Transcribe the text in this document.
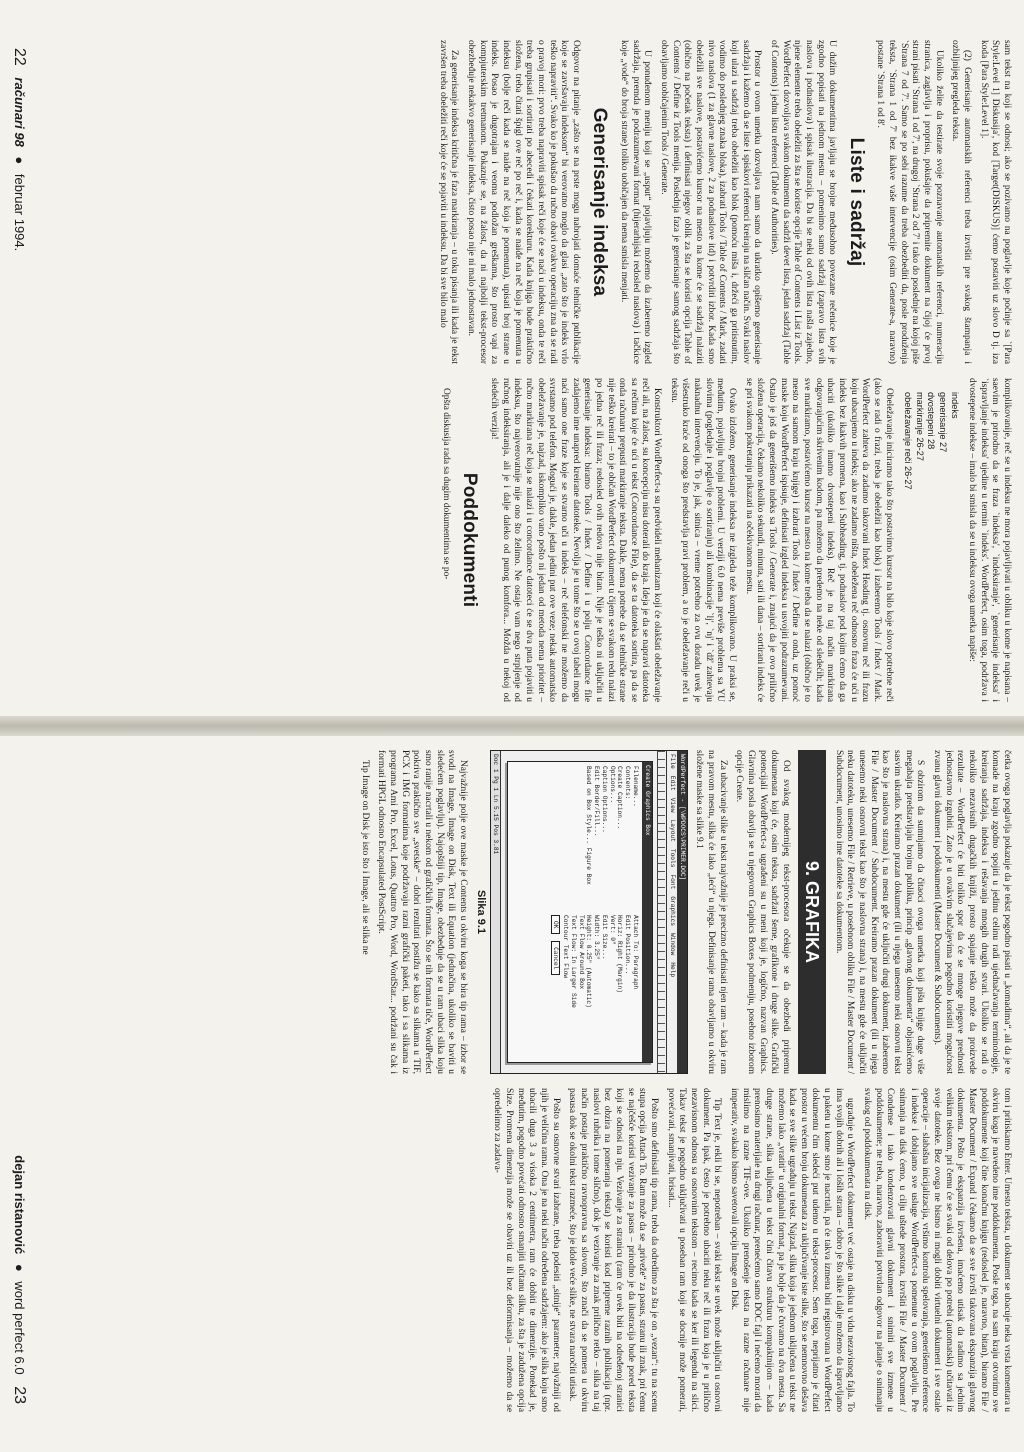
sam tekst na koji se odnosi; ako se pozivamo na poglavlje koje počinje sa `[Para Style:Level 1] Diskusija', kod [Target(DISKUS)] ćemo postaviti uz slovo D tj. iza koda [Para Style:Level 1].

(2) Generisanje automatskih referenci treba izvršiti pre svakog štampanja i ozbiljnijeg pregleda teksta.

Ukoliko želite da testirate svoje poznavanje automatskih referenci, numeraciju stranica, zaglavlja i proprisu, pokušajte da pripremite dokument na čijoj će prvoj strani pisati `Strana 1 od 7', na drugoj `Strana 2 od 7' i tako do poslednje na kojoj piše `Strana 7 od 7'. Samo se po sebi razume da treba obezbediti da, posle produženja teksta, `Strana 1 od 7' bez ikakve vaše intervencije (osim Generate-a, naravno) postane `Strana 1 od 8'.

Liste i sadržaj

U dužim dokumentima javljaju se brojne međusobno povezane rečenice koje je zgodno popisati na jednom mestu – pomenimo samo sadržaj (zapravo lista svih naslova i podnaslova) i spisak ilustracija. Da bi se neki od ovih lista našla zajedno, njene elemente treba obeležiti za šta se koriste opcije Table of Contents i List iz Tools. WordPerfect dozvoljava svakom dokumentu da sadrži devet lista, jedan sadržaj (Table of Contents) i jednu listu referenci (Table of Authorities).

Prostor u ovom umetku dozvoljava nam samo da ukratko opišemo generisanje sadržaja i kažemo da se liste i spiskovi referenci kreiraju na sličan način. Svaki naslov koji ulazi u sadržaj treba obeležiti kao blok (pomoću miša i, držeći ga pritisnutim, vodimo do poslednjeg znaka bloka), izabrati Tools / Table of Contents / Mark, zadati nivo naslova (1 za glavne naslove, 2 za podnaslove itd) i potvrditi izbor. Kada smo obeležili sve naslove, postavićemo kursor na mesto na kome će se sadržaj nalaziti (obično na početak teksta) i definisati njegov oblik za šta se koristi opcija Table of Contents / Define iz Tools menija. Poslednja faza je generisanje samog sadržaja što obavljamo uobičajenim Tools / Generate.

U ponuđenom meniju koji se „usput“ pojavljuju možemo da izaberemo izgled sadržaja, premda je podrazumevani format (hijerarhijski redosled naslova) i tačkice koje „vode“ do broja strane) toliko uobičajen da nema smisla menjati.

Generisanje indeksa

Odgovor na pitanje „zašto se na prste mogu nabrojati domaće tehničke publikacije koje se završavaju indeksom“ bi verovatno moglo da glasi „zato što je indeks vrlo teško napraviti“. Svako ko je pokušao da ručno obavi ovakvu operaciju zna da se radi o pravoj mori: prvo treba napraviti spisak reči koje će se naći u indeksu, onda te reči treba grupisati i sortirati po abecedi i čekati korekturu. Kada knjiga bude praktično složena, treba čitati špigl ove reč po reč i, kada se naiđe na reč koja je pomenuta u indeksu (bolje reči kada se naiđe na reč koja je pomenuta), upisati broj strane u indeks. Posao je dugotrajan i veoma podložan greškama, što prosto vapi za kompjuterskim tretmanom. Pokazuje se, na žalost, da ni najbolji tekst-procesor obezbeđuje nekakvo generisanje indeksa, čisto posao nije ni malo jednostavan.

Za generisanje indeksa kritična je faza markiranja – u toku pisanja ili kada je tekst završen treba obeležiti reči koje će se pojaviti u indeksu. Da bi sve bilo malo

komplikovanije, reč se u indeksu ne mora pojavljivati u obliku u kome je napisana – saevim je prirodno da se fraza `indeksa', `indeksiranje', `generisanje indeksa' i `ispravljanje indeksa' ujedine u termin `indeks'. WordPerfect, osim toga, podržava i dvostepene indekse – imalo bi smisla da se u indeksu ovoga umetka napiše:

indeks
generisanje 27
dvostepeni 28
markiranje 26-27
obeležavanje reči 26-27

Obeležavanje iniciramo tako što postavimo kursor na bilo koje slovo potrebne reči (ako se radi o frazi, treba je obeležiti kao blok) i izaberemo Tools / Index / Mark. WordPerfect zahteva da zadamo takozvani Index Heading tj. osnovnu reč ili frazu koju ubacujemo u indeks; ako ne zadamo ništa, obeležena reč odnosno fraza će ući u indeks bez ikakvih promena, kao i Subheading, tj. podnaslov pod kojim ćemo da ga ubaciti (ukoliko imamo dvostepeni indeks). Reč je na taj način markirana odgovarajućim skrivenim kodom, pa možemo da predemo na neke od sledećih; kada sve markiramo, postavićemo kursor na mesto na kome treba da se nalazi (obično je to mesto na samom kraju knjige) i izabrati Tools / Index / Define a onda, uz pomoć maske koju WordPerfect ispisuje, definisati izgled indeksa u usvojiti podrazumevani. Ostalo je još da generišemo indeks sa Tools / Generate i, znajući da je ovo prilično složena operacija, čekamo nekoliko sekundi, minuta, sati ili dana – sortirani indeks će se pri svakom pokretanju prikazati na očekivanom mestu.

Ovako izloženo, generisanje indeksa ne izgleda teže komplikovano. U praksi se, međutim, pojavljuju brojni problemi. U verziji 6.0 nema previše problema sa YU slovima (pogledajte i poglavlje o sortiranju) ali kombinacije `lj', `nj' i `dž' zahtevaju naknadnu intervenciju. To je, jak, sitnica – vreme potrebno za ovu doradu uvek je višestruko kraće od onoga što predstavlja pravi problem, a to je obeležavanje reči u tekstu.

Konstruktori WordPerfect-a su predvideli mehanizam koji će olakšati obeležavanje reči ali, na žalost, su koncepciju nisu doterali do kraja. Ideja je da se napravi datoteka sa rečima koje će ući u tekst (Concordance File), da se ta datoteka sortira, pa da se onda računaru prepusti markiranje teksta. Dakle, nema potrebe da se tehničke strane nije teško kreirati – to je običan WordPerfect dokument u čijem se svakom redu nalazi po jedna reč ili fraza; redosled ovih redova nije bitan. Nije je teško ni uključiti u generisanje indeksa: biramo Tools / Index / Define i u polju Concordance file zadajemo ime unapred kreirane datoteke. Nevolja je u tome što se u ovoj tabeli mogu naći samo one fraze koje se stvarno uči u indeks – reč telefonski ne možemo da svrstamo pod telefon. Mogući je, dakle, jedan jedini put ove veze; nekak automatsko obeležavanje je, najzad, iskompliko vano pošto ni jedan od metoda nema prioritet – ručno markirana reč koja se nalazi i u concordance datoteci će se dva puta pojaviti u indeksu, što najverovatnije nije ono što želimo. Ne ostaje vam nego strpljenje od ručnog indeksiranja, ali je i dalje daleko od punog komfora... Možda u nekoj od sledećih verzija!

Poddokumenti

Opšta diskusija rada sa dugim dokumentima se po-

22 računari 98 ● februar 1994.

četka ovoga poglavlja pokazuje da je tekst pogodno pisati u „komadima“, ali da je te komade na kraju zgodno spojiti u jedinu celinu radi ujednačavanja terminologije, kreiranja sadržaja, indeksa i rešavanja mnogih drugih stvari. Ukoliko se radi o nekoliko nezavisnih dugačkih knjiži, prosto spajanje teško može da proizvede rezultate – WordPerfect će biti toliko spor da će se mnoge njegove prednosti jednostavno izgubiti. Zato je u ovakvim slučajevima pogodno koristiti mogućnost zvanu glavni dokument i poddokumenti (Master Document & Subdocuments).

S obzirom da sumnjamo da čitaoci ovoga umetka koji pišu knjige duge više megabajta predstavljaju brojnu publiku, princip „glavnog dokumenta“ objasnićemo sasvim ukratko. Kreiramo prazan dokument (ili u njega unesemo neki osnovni tekst kao što je naslovna strana) i, na mestu gde će uključiti drugi dokument, izaberemo File / Master Document / Subdocument. Kreiramo prazan dokument (ili u njega unesemo neki osnovni tekst kao što je naslovna strana) i, na mestu gde će uključiti neku datoteku, unesemo File / Retrieve, u posebnom obliku File / Master Document / Subdocument, unosimo ime datoteke sa dokumentom.

9. GRAFIKA

Od svakog modernijeg tekst-procesora očekuje se da obezbedi pripremu dokumenata koji će, osim teksta, sadržati šeme, grafikone i druge slike. Grafički potencijali WordPerfect-a ugrađeni su u meni koji je, logično, nazvan Graphics. Glavnina posla obavlja se u njegovom Graphics Boxes podmeniju, posebno izborom opcije Create.

Za ubacivanje slike u tekst najvažnije je precizno definisati njen ram – kada je ram na pravom mestu, slika će lako „leći“ u njega. Definisanje rama obavljamo u okviru složene maske sa slike 9.1

WordPerfect - [\WPDOCS\PRIMER.DOC]
File
Edit
View
Layout
Tools
Font
Graphics
Window
Help
Create Graphics Box
Filename...
Contents:
Create Caption...
Options...
Caption Options...
Edit Border/Fill...
Based on Box Style... Figure Box
Attach To: Paragraph
Edit Position...
Horiz: Right (Margin)
Vert: 0"
Edit Size...
Width: 3.25"
Height: 0.25" (Automatic)
Text Flow Around Box
Text Flow: In Larger Side
Contour Text Flow
OK Cancel
Doc 1 Pg 1 Ln 5.15 Pos 3.81
Slika 9.1

Najvažnije polje ove maske je Contents u okviru koga se bira tip rama – izbor se svodi na Image, Image on Disk, Text ili Equation (jednačina, ukoliko se baviti u sledećem poglavlju). Najopštiji tip, Image, obezbeđuje da se u ram ubaci slika koju smo ranije nacrtali u nekom od grafičkih formata. Što se tih formata tiče, WordPerfect pokriva praktično sve „svetske“ – dobri rezultati postižu se kako sa slikama u TIF, PCX i IMG formatima koje podržavaju razni grafički paketi, tako i sa slikama iz programa Ami Pro, Excel, Lotus, Quattro Pro, Word, WordStar... podržani su čak i formati HPGL odnosno Encapsulated PostScript.

Tip Image on Disk je isto što i Image, ali se slika ne

tom i pritiskamo Enter. Umesto teksta, u dokument se ubacuje neka vrsta komentara u okviru koga je navedeno ime poddokumenta. Posle toga, na sam kraju otvorimo sve poddokumente koji čine konačnu knjigu (redosled je, naravno, bitan), biramo File / Master Document / Expand i čekamo da se sve izvrši takozvana ekspanzija glavnog dokumenta. Pošto je ekspanzija izvršena, imaćemo utisak da radimo sa jednim velikim tekstom, pri čemu će se svaki od delova po potrebi (automatski) učitavati iz svoje datoteke. Bez ovoga ne bismo ni mogli dobiti virtuelni dokument i sve ostale operacije – slabašna inicijalizacija, vršimo kontrolu spelovanja, generišemo reference i indekse i dobijamo sve usluge WordPerfect-a pomenute u ovom poglavlju. Pre snimanja na disk ćemo, u cilju uštede prostora, izvršiti File / Master Document / Condense i tako kondenzovati glavni dokument i snimiti sve izmene u poddokumente; ne treba, naravno, zaboraviti potvrdan odgovor na pitanje o snimanju svakog od poddokumenata na disk.

ugrađuje u WordPerfect dokument već ostaje na disku u vidu nezavisnog fajla. To ima svojih dobrih ali i loših strana – dobro je što slike i dalje možemo da ispravljamo u paketu u kome smo je nacrtali, pa će takva izmena biti registrovana u WordPerfect dokumentu čim sledeći put udemo u tekst-procesor. Sem toga, neprijatno je čitati prostor u većem broju dokumenata za uključivanje iste slike, što se nemnovno dešava kada se sve slike ugrađuju u tekst. Najzad, sliku koja je jednom uključena u tekst ne možemo lako „vratiti“ u originalni format, pa je bolje da je čuvamo na dva mesta. Sa druge strane, slika uključena u tekst čini čitavu strukturu kompaktnijom – kada prenosimo materijale na drugi računar, prenećemo samo DOC fajl i nećemo morati da mislimo na razne TIF-ove. Ukoliko prenošenje teksta na razne računare nije imperativ, svakako bismo savetovali opciju Image on Disk.

Tip Text je, rekli bi se, nepotreban – svaki tekst se uvek može uključiti u osnovni dokument. Pa ipak, često je potrebno ubaciti neku reč ili frazu koja je u prilično nezavisnom odnosu sa osnovnim tekstom – recimo kada se ker ili legendu na slici. Takav tekst je pogodno uključivati u poseban ram koji se docnije može pomerati, povećavati, smanjivati, brisati...

Pošto smo definisali tip rama, treba da odredimo za šta je on „vezan“: tu na scenu stupa opcija Attach To. Ram može da se „priveže“ za pasus, stranu ili znak, pri čemu se najčešće koristi vezivanje za pasus – prirodno je da ilustracija bude pored teksta koji se odnosi na nju. Vezivanje za stranicu (ram će uvek biti na određenoj stranici bez obzira na pomeranja teksta) se koristi kod pripreme raznih publikacija (npr. naslovi rubrika i tome slično), dok je vezivanje za znak prilično retko – slika na taj način postaje praktično ravnopravna sa slovom, što znači da se pomera u okviru pasusa dok se okolni tekst razmeće, što je idole veće slike, ne stvara naročiti utisak.

Pošto su osnovne stvari izabrane, treba podesiti „sitnije“ parametre; najvažniji od njih je veličina rama. Ona je na neki način određena sadržajem: ako je slika koju smo ubacili duga 3 a visoka 2 centimetra, ram će dobiti te dimenzije. Ponekad je, međutim, pogodno povećati odnosno smanjiti učitanu sliku, za šta je zadužena opcija Size. Promena dimenzija može se obaviti uz ili bez deformisanja – možemo da se opredelimo za zadava-

dejan ristanović ● word perfect 6.0 23
